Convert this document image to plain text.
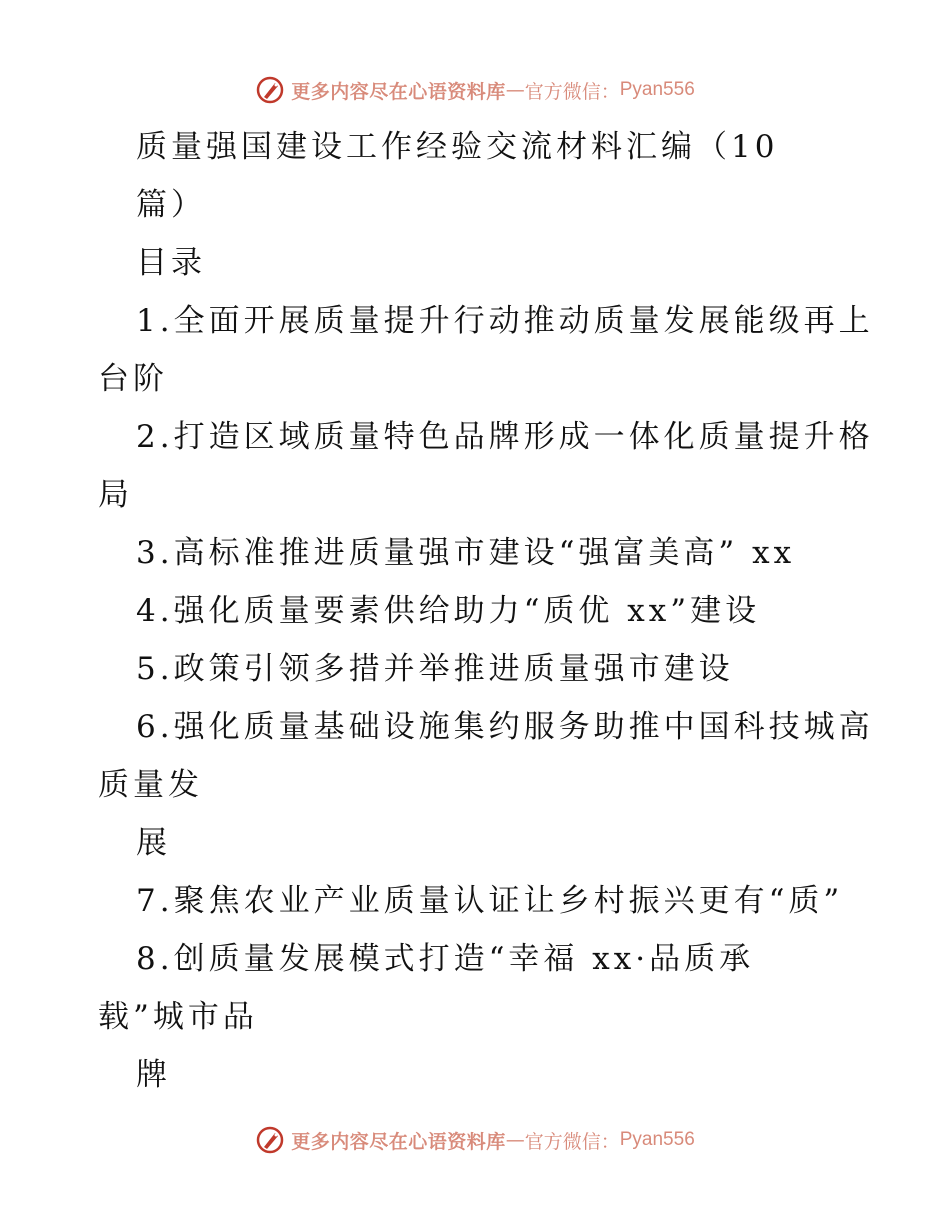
更多内容尽在心语资料库 — 官方微信： Pyan556
质量强国建设工作经验交流材料汇编（10
篇）
目录
1.全面开展质量提升行动推动质量发展能级再上
台阶
2.打造区域质量特色品牌形成一体化质量提升格
局
3.高标准推进质量强市建设“强富美高” xx
4.强化质量要素供给助力“质优 xx”建设
5.政策引领多措并举推进质量强市建设
6.强化质量基础设施集约服务助推中国科技城高
质量发
展
7.聚焦农业产业质量认证让乡村振兴更有“质”
8.创质量发展模式打造“幸福 xx·品质承
载”城市品
牌
更多内容尽在心语资料库 — 官方微信： Pyan556
